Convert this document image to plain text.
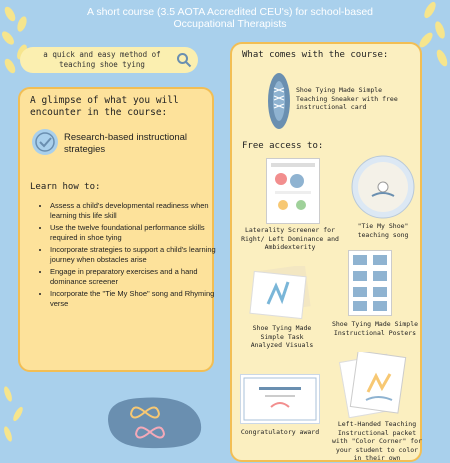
A short course (3.5 AOTA Accredited CEU's) for school-based Occupational Therapists
a quick and easy method of teaching shoe tying
A glimpse of what you will encounter in the course:
Research-based instructional strategies
Learn how to:
• Assess a child's developmental readiness when learning this life skill
• Use the twelve foundational performance skills required in shoe tying
• Incorporate strategies to support a child's learning journey when obstacles arise
• Engage in preparatory exercises and a hand dominance screener
• Incorporate the "Tie My Shoe" song and Rhyming verse
What comes with the course:
Shoe Tying Made Simple Teaching Sneaker with free instructional card
Free access to:
Laterality Screener for Right/ Left Dominance and Ambidexterity
"Tie My Shoe" teaching song
Shoe Tying Made Simple Task Analyzed Visuals
Shoe Tying Made Simple Instructional Posters
Congratulatory award
Left-Handed Teaching Instructional packet with "Color Corner" for your student to color in their own
